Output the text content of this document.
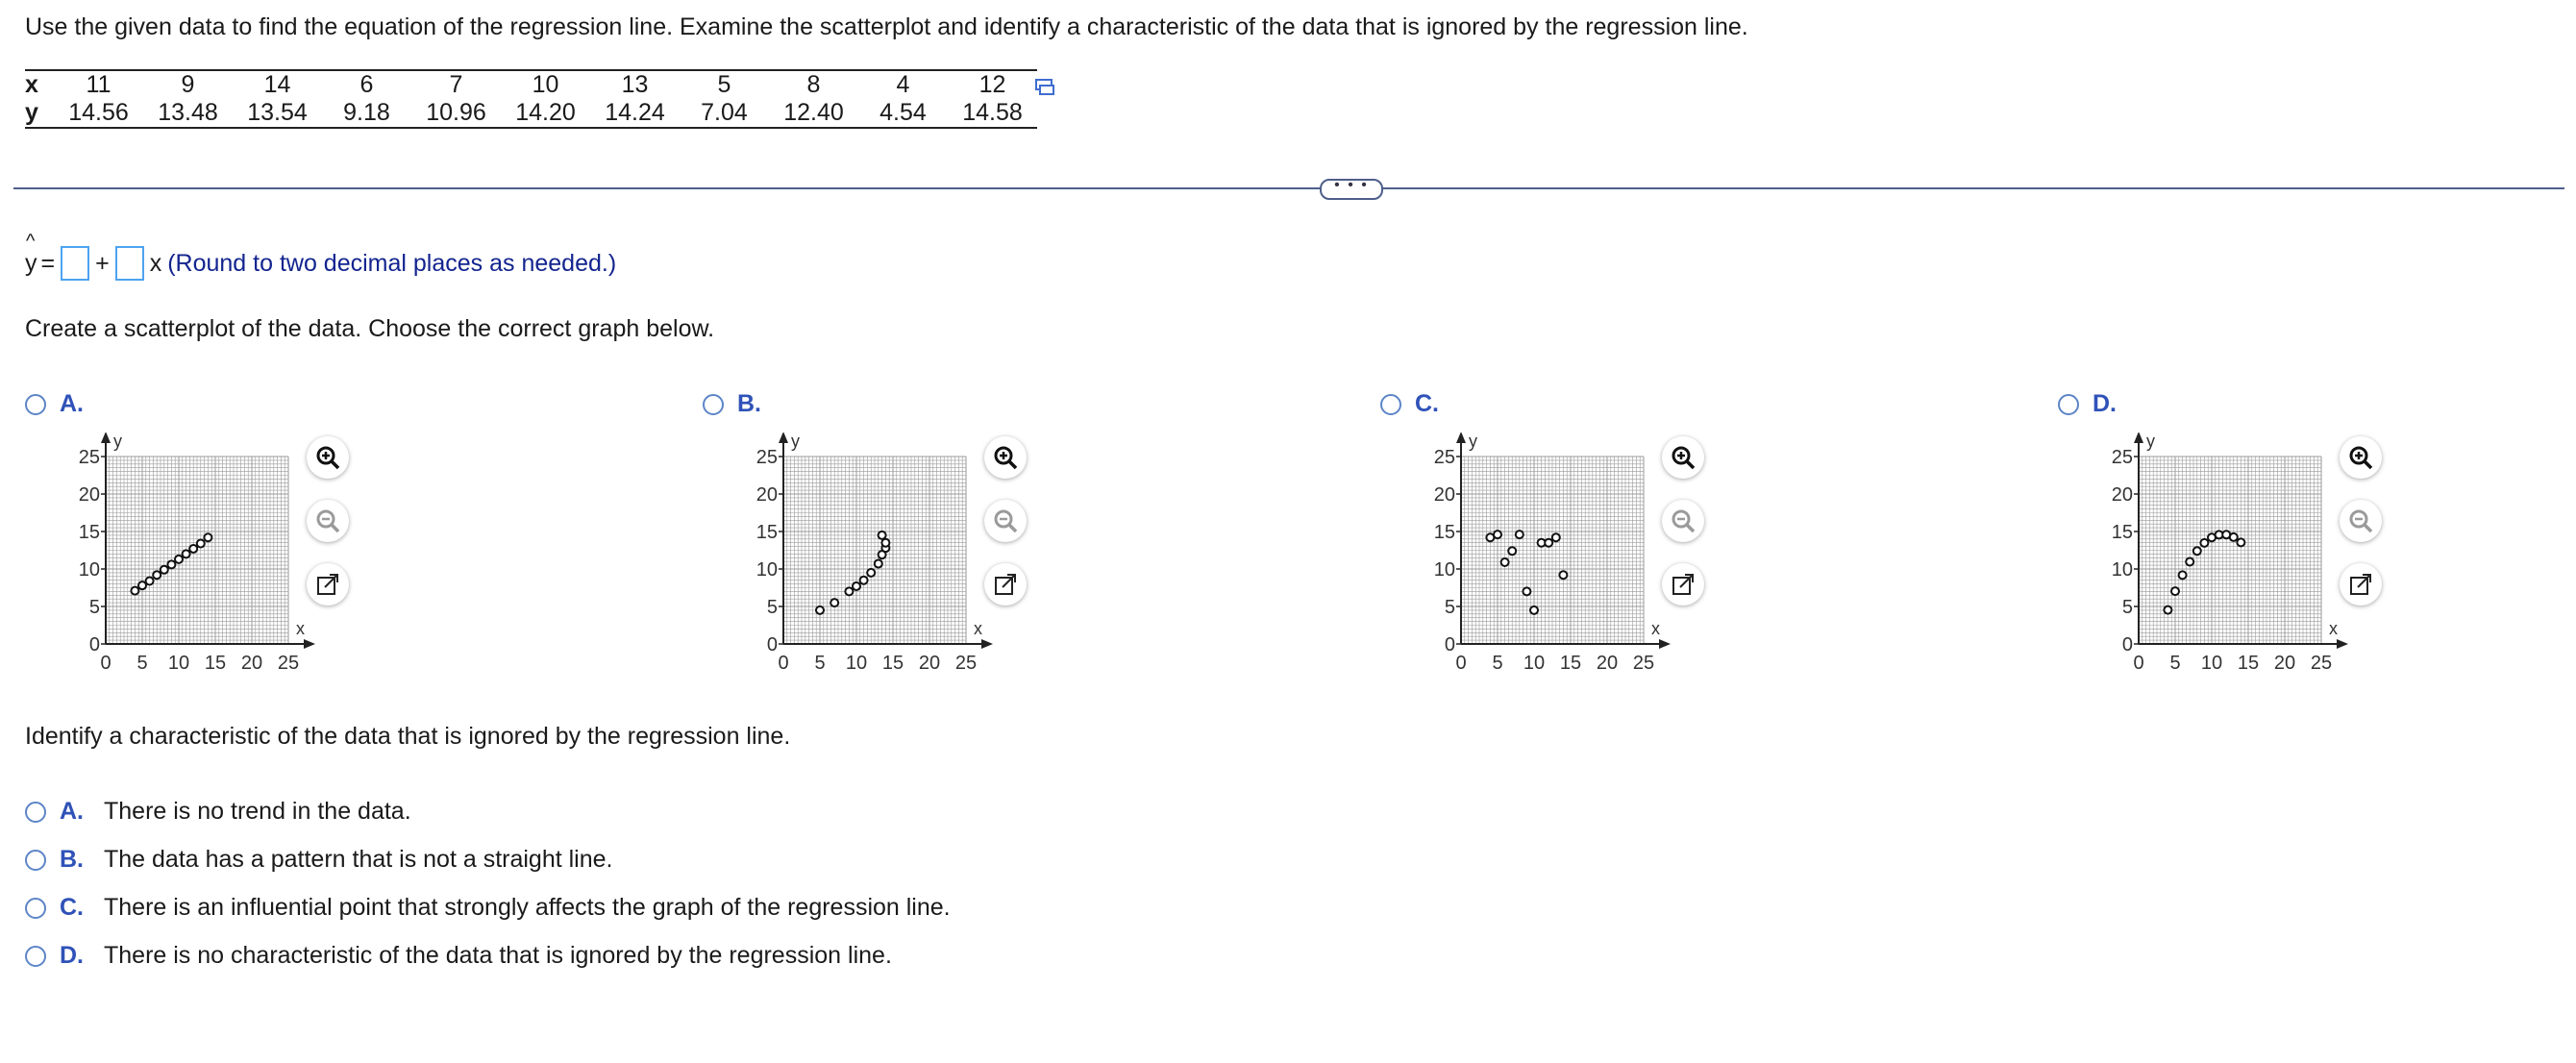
Use the given data to find the equation of the regression line. Examine the scatterplot and identify a characteristic of the data that is ignored by the regression line.
x	11	9	14	6	7	10	13	5	8	4	12
y	14.56	13.48	13.54	9.18	10.96	14.20	14.24	7.04	12.40	4.54	14.58
• • •
^
y = + x (Round to two decimal places as needed.)
Create a scatterplot of the data. Choose the correct graph below.
A.
0
0
5
5
10
10
15
15
20
20
25
25
x
y
B.
0
0
5
5
10
10
15
15
20
20
25
25
x
y
C.
0
0
5
5
10
10
15
15
20
20
25
25
x
y
D.
0
0
5
5
10
10
15
15
20
20
25
25
x
y
Identify a characteristic of the data that is ignored by the regression line.
A. There is no trend in the data.
B. The data has a pattern that is not a straight line.
C. There is an influential point that strongly affects the graph of the regression line.
D. There is no characteristic of the data that is ignored by the regression line.
